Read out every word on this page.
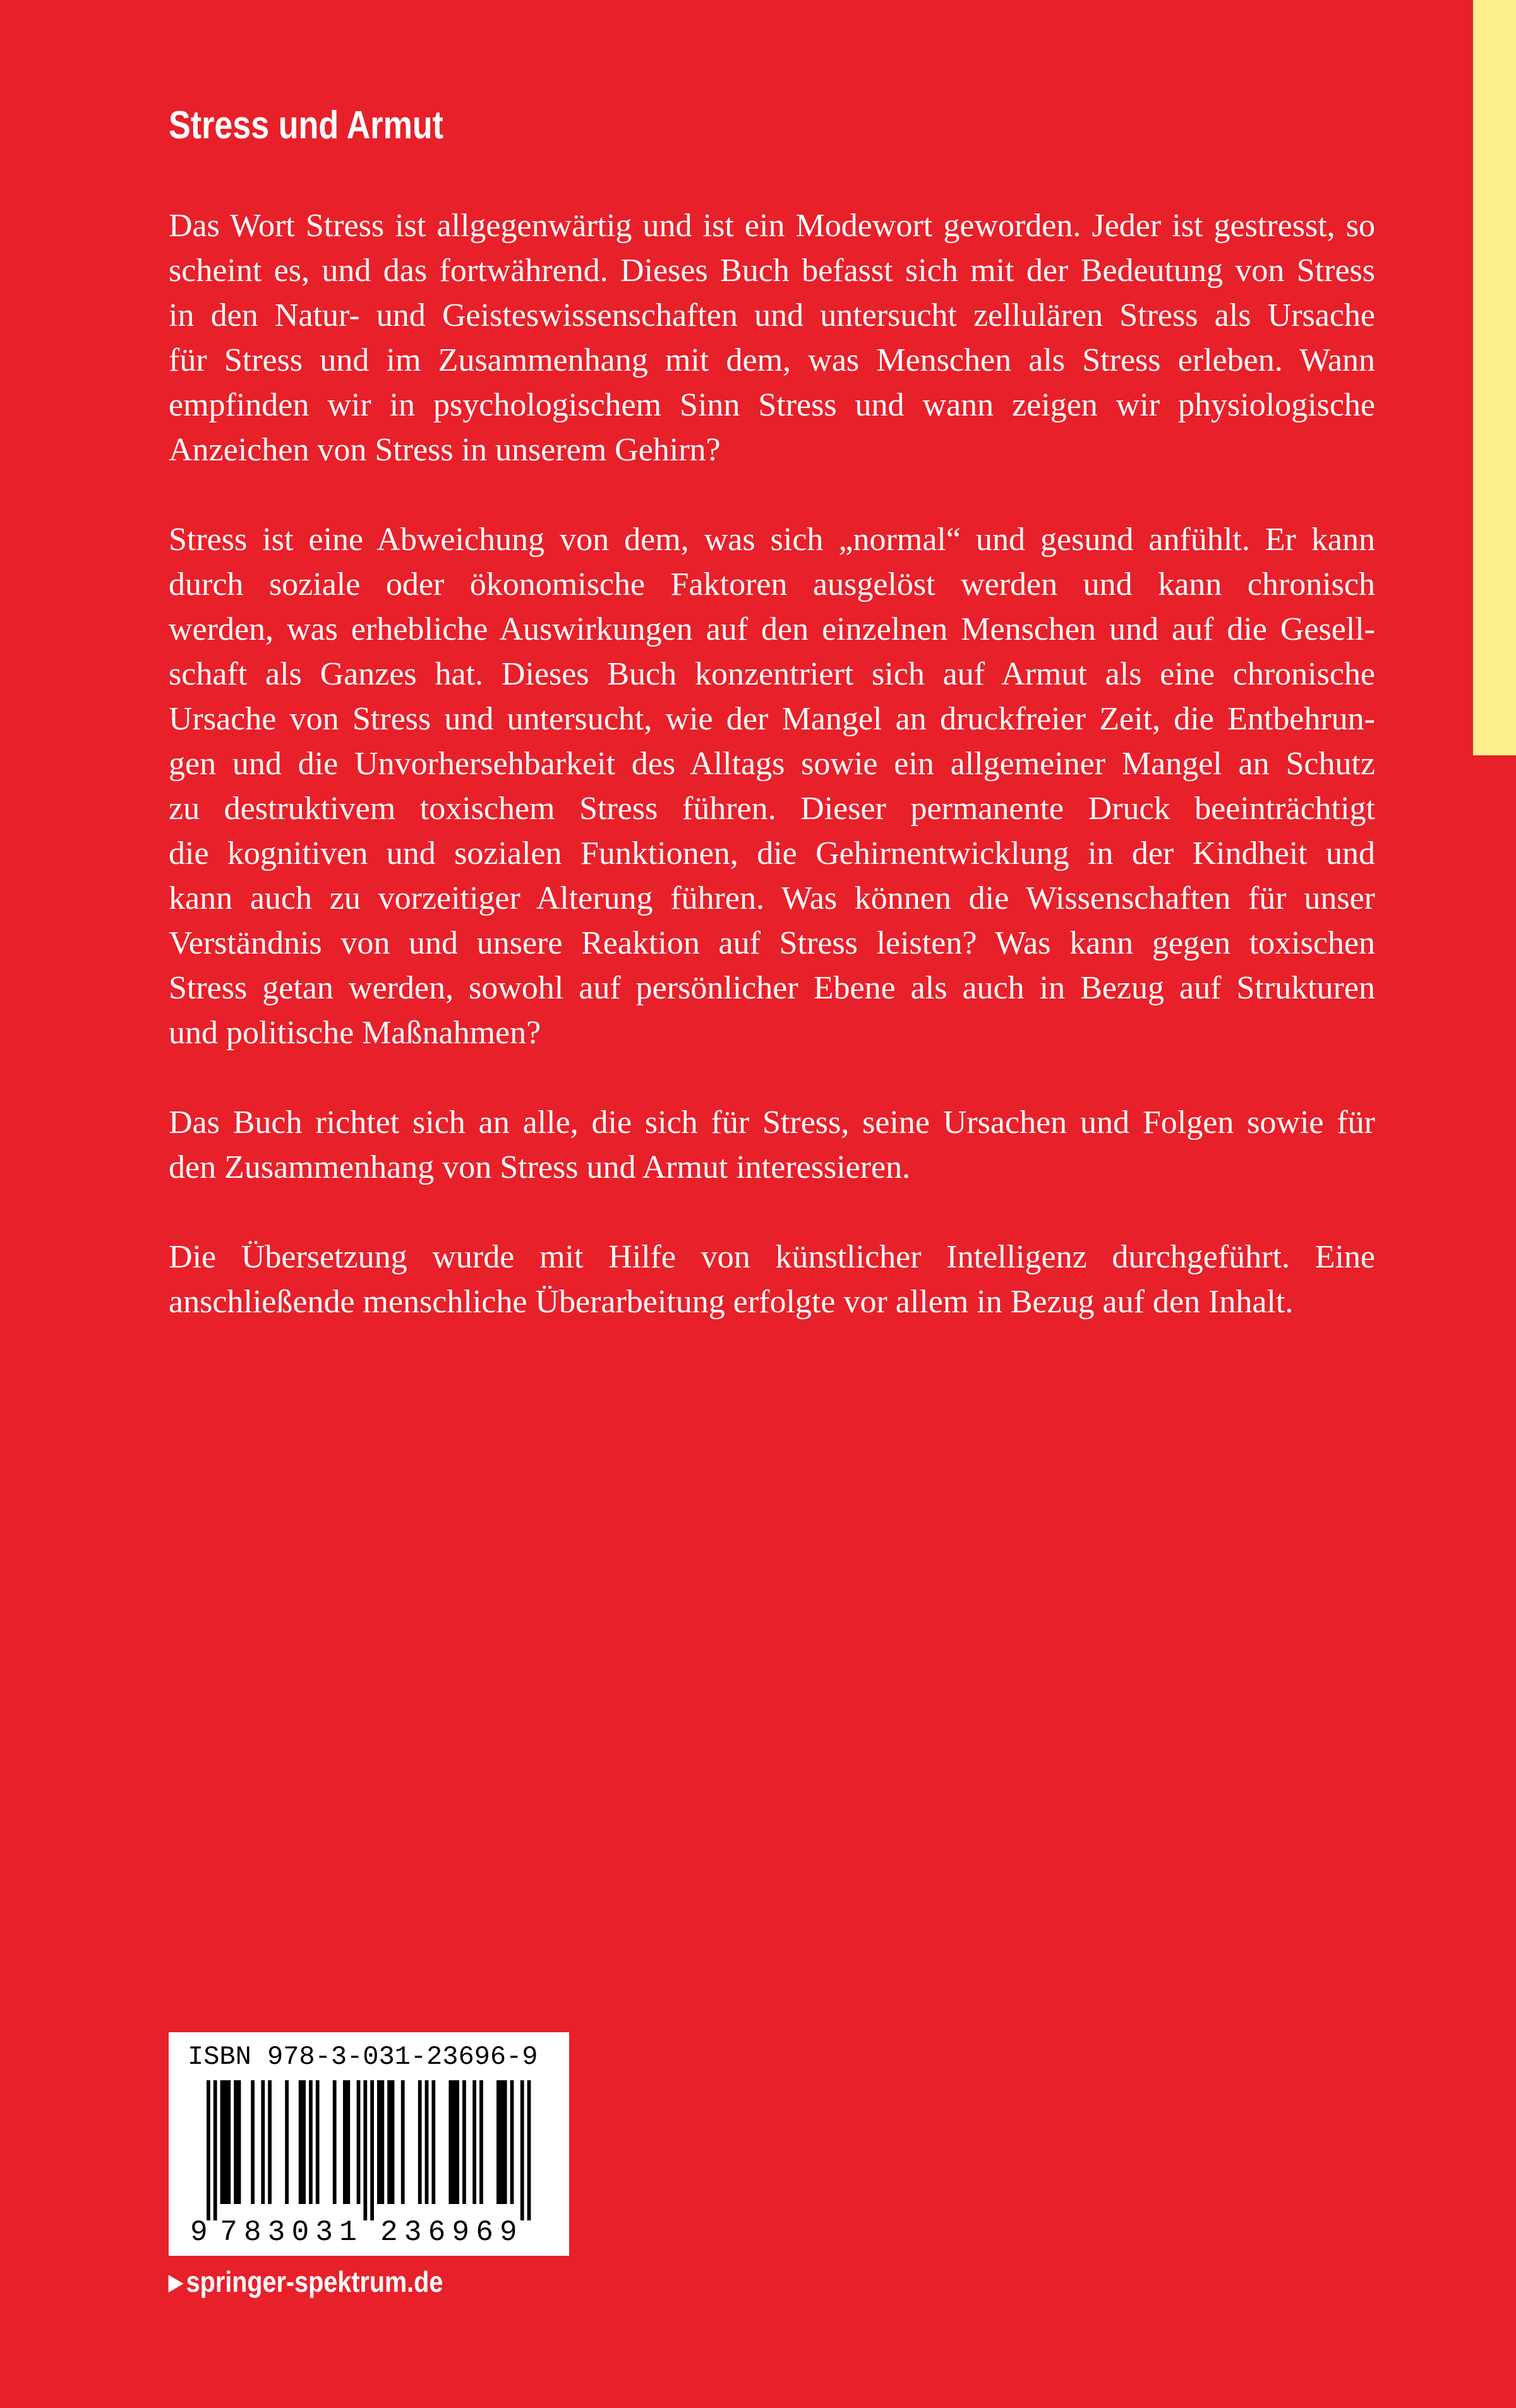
Stress und Armut

Das Wort Stress ist allgegenwärtig und ist ein Modewort geworden. Jeder ist gestresst, so
scheint es, und das fortwährend. Dieses Buch befasst sich mit der Bedeutung von Stress
in den Natur- und Geisteswissenschaften und untersucht zellulären Stress als Ursache
für Stress und im Zusammenhang mit dem, was Menschen als Stress erleben. Wann
empfinden wir in psychologischem Sinn Stress und wann zeigen wir physiologische
Anzeichen von Stress in unserem Gehirn?

Stress ist eine Abweichung von dem, was sich „normal“ und gesund anfühlt. Er kann
durch soziale oder ökonomische Faktoren ausgelöst werden und kann chronisch
werden, was erhebliche Auswirkungen auf den einzelnen Menschen und auf die Gesell-
schaft als Ganzes hat. Dieses Buch konzentriert sich auf Armut als eine chronische
Ursache von Stress und untersucht, wie der Mangel an druckfreier Zeit, die Entbehrun-
gen und die Unvorhersehbarkeit des Alltags sowie ein allgemeiner Mangel an Schutz
zu destruktivem toxischem Stress führen. Dieser permanente Druck beeinträchtigt
die kognitiven und sozialen Funktionen, die Gehirnentwicklung in der Kindheit und
kann auch zu vorzeitiger Alterung führen. Was können die Wissenschaften für unser
Verständnis von und unsere Reaktion auf Stress leisten? Was kann gegen toxischen
Stress getan werden, sowohl auf persönlicher Ebene als auch in Bezug auf Strukturen
und politische Maßnahmen?

Das Buch richtet sich an alle, die sich für Stress, seine Ursachen und Folgen sowie für
den Zusammenhang von Stress und Armut interessieren.

Die Übersetzung wurde mit Hilfe von künstlicher Intelligenz durchgeführt. Eine
anschließende menschliche Überarbeitung erfolgte vor allem in Bezug auf den Inhalt.

ISBN 978-3-031-23696-9
9 7 8 3 0 3 1 2 3 6 9 6 9
▶ springer-spektrum.de
